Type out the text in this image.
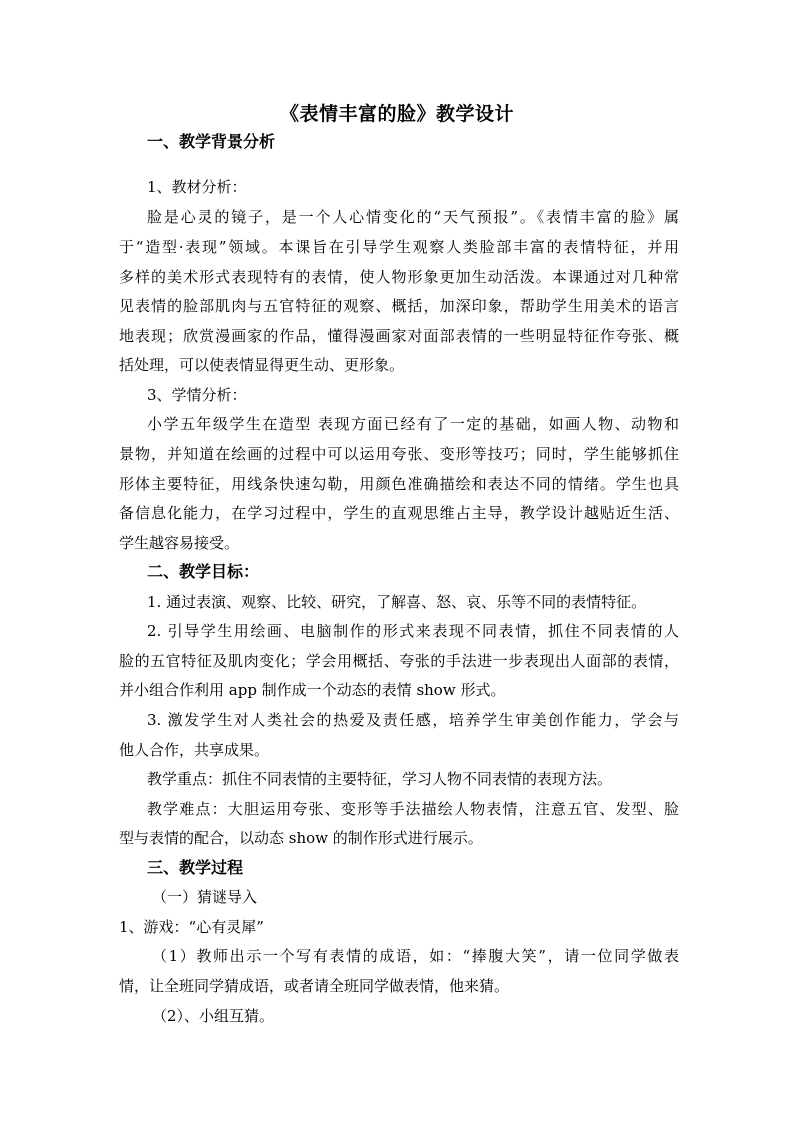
《表情丰富的脸》教学设计
一、教学背景分析
1、教材分析：
脸是心灵的镜子，是一个人心情变化的“天气预报”。《表情丰富的脸》属
于“造型·表现”领域。本课旨在引导学生观察人类脸部丰富的表情特征，并用
多样的美术形式表现特有的表情，使人物形象更加生动活泼。本课通过对几种常
见表情的脸部肌肉与五官特征的观察、概括，加深印象，帮助学生用美术的语言
地表现；欣赏漫画家的作品，懂得漫画家对面部表情的一些明显特征作夸张、概
括处理，可以使表情显得更生动、更形象。
3、学情分析：
小学五年级学生在造型 表现方面已经有了一定的基础，如画人物、动物和
景物，并知道在绘画的过程中可以运用夸张、变形等技巧；同时，学生能够抓住
形体主要特征，用线条快速勾勒，用颜色准确描绘和表达不同的情绪。学生也具
备信息化能力，在学习过程中，学生的直观思维占主导，教学设计越贴近生活、
学生越容易接受。
二、教学目标：
1. 通过表演、观察、比较、研究，了解喜、怒、哀、乐等不同的表情特征。
2. 引导学生用绘画、电脑制作的形式来表现不同表情，抓住不同表情的人
脸的五官特征及肌肉变化；学会用概括、夸张的手法进一步表现出人面部的表情，
并小组合作利用 app 制作成一个动态的表情 show 形式。
3. 激发学生对人类社会的热爱及责任感，培养学生审美创作能力，学会与
他人合作，共享成果。
教学重点：抓住不同表情的主要特征，学习人物不同表情的表现方法。
教学难点：大胆运用夸张、变形等手法描绘人物表情，注意五官、发型、脸
型与表情的配合，以动态 show 的制作形式进行展示。
三、教学过程
（一）猜谜导入
1、游戏：“心有灵犀”
（1）教师出示一个写有表情的成语，如：“捧腹大笑”，请一位同学做表
情，让全班同学猜成语，或者请全班同学做表情，他来猜。
（2）、小组互猜。
